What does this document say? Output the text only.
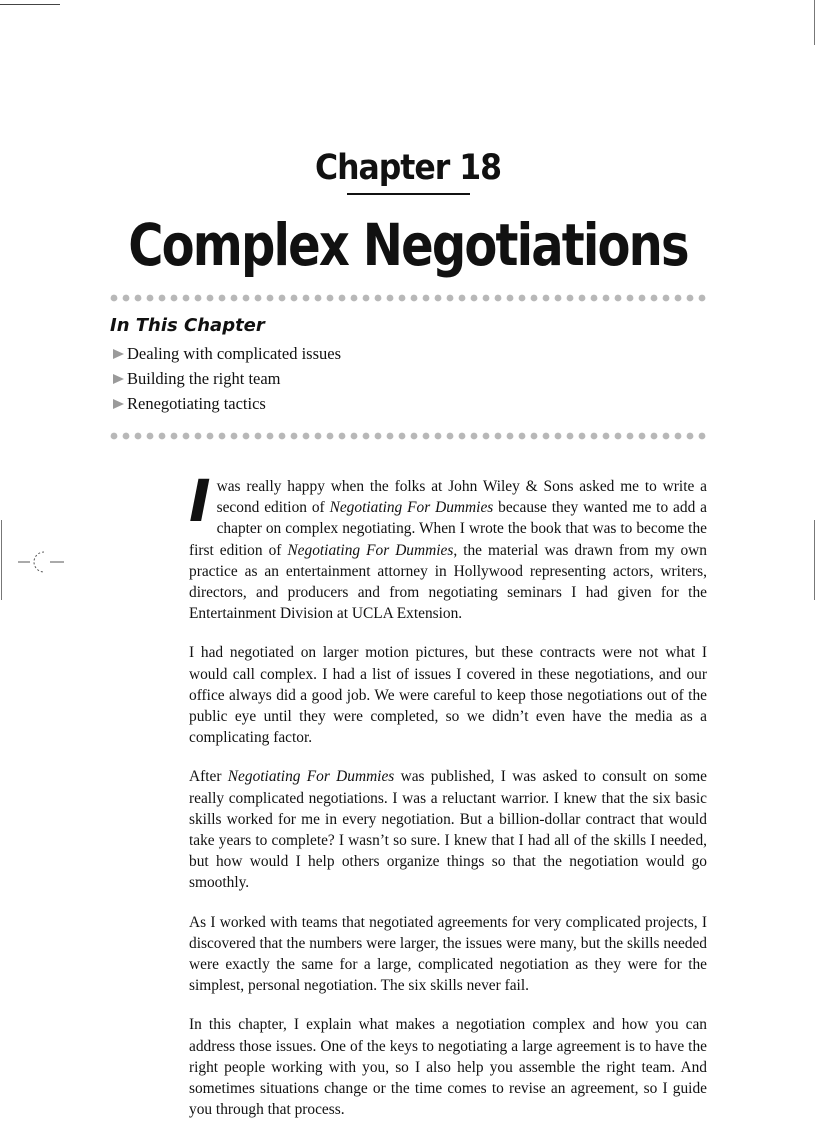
Chapter 18
Complex Negotiations
In This Chapter
Dealing with complicated issues
Building the right team
Renegotiating tactics

I was really happy when the folks at John Wiley & Sons asked me to write a second edition of Negotiating For Dummies because they wanted me to add a chapter on complex negotiating. When I wrote the book that was to become the first edition of Negotiating For Dummies, the material was drawn from my own practice as an entertainment attorney in Hollywood representing actors, writers, directors, and producers and from negotiating seminars I had given for the Entertainment Division at UCLA Extension.

I had negotiated on larger motion pictures, but these contracts were not what I would call complex. I had a list of issues I covered in these negotiations, and our office always did a good job. We were careful to keep those negotiations out of the public eye until they were completed, so we didn’t even have the media as a complicating factor.

After Negotiating For Dummies was published, I was asked to consult on some really complicated negotiations. I was a reluctant warrior. I knew that the six basic skills worked for me in every negotiation. But a billion-dollar contract that would take years to complete? I wasn’t so sure. I knew that I had all of the skills I needed, but how would I help others organize things so that the negotiation would go smoothly.

As I worked with teams that negotiated agreements for very complicated projects, I discovered that the numbers were larger, the issues were many, but the skills needed were exactly the same for a large, complicated negotiation as they were for the simplest, personal negotiation. The six skills never fail.

In this chapter, I explain what makes a negotiation complex and how you can address those issues. One of the keys to negotiating a large agreement is to have the right people working with you, so I also help you assemble the right team. And sometimes situations change or the time comes to revise an agreement, so I guide you through that process.
